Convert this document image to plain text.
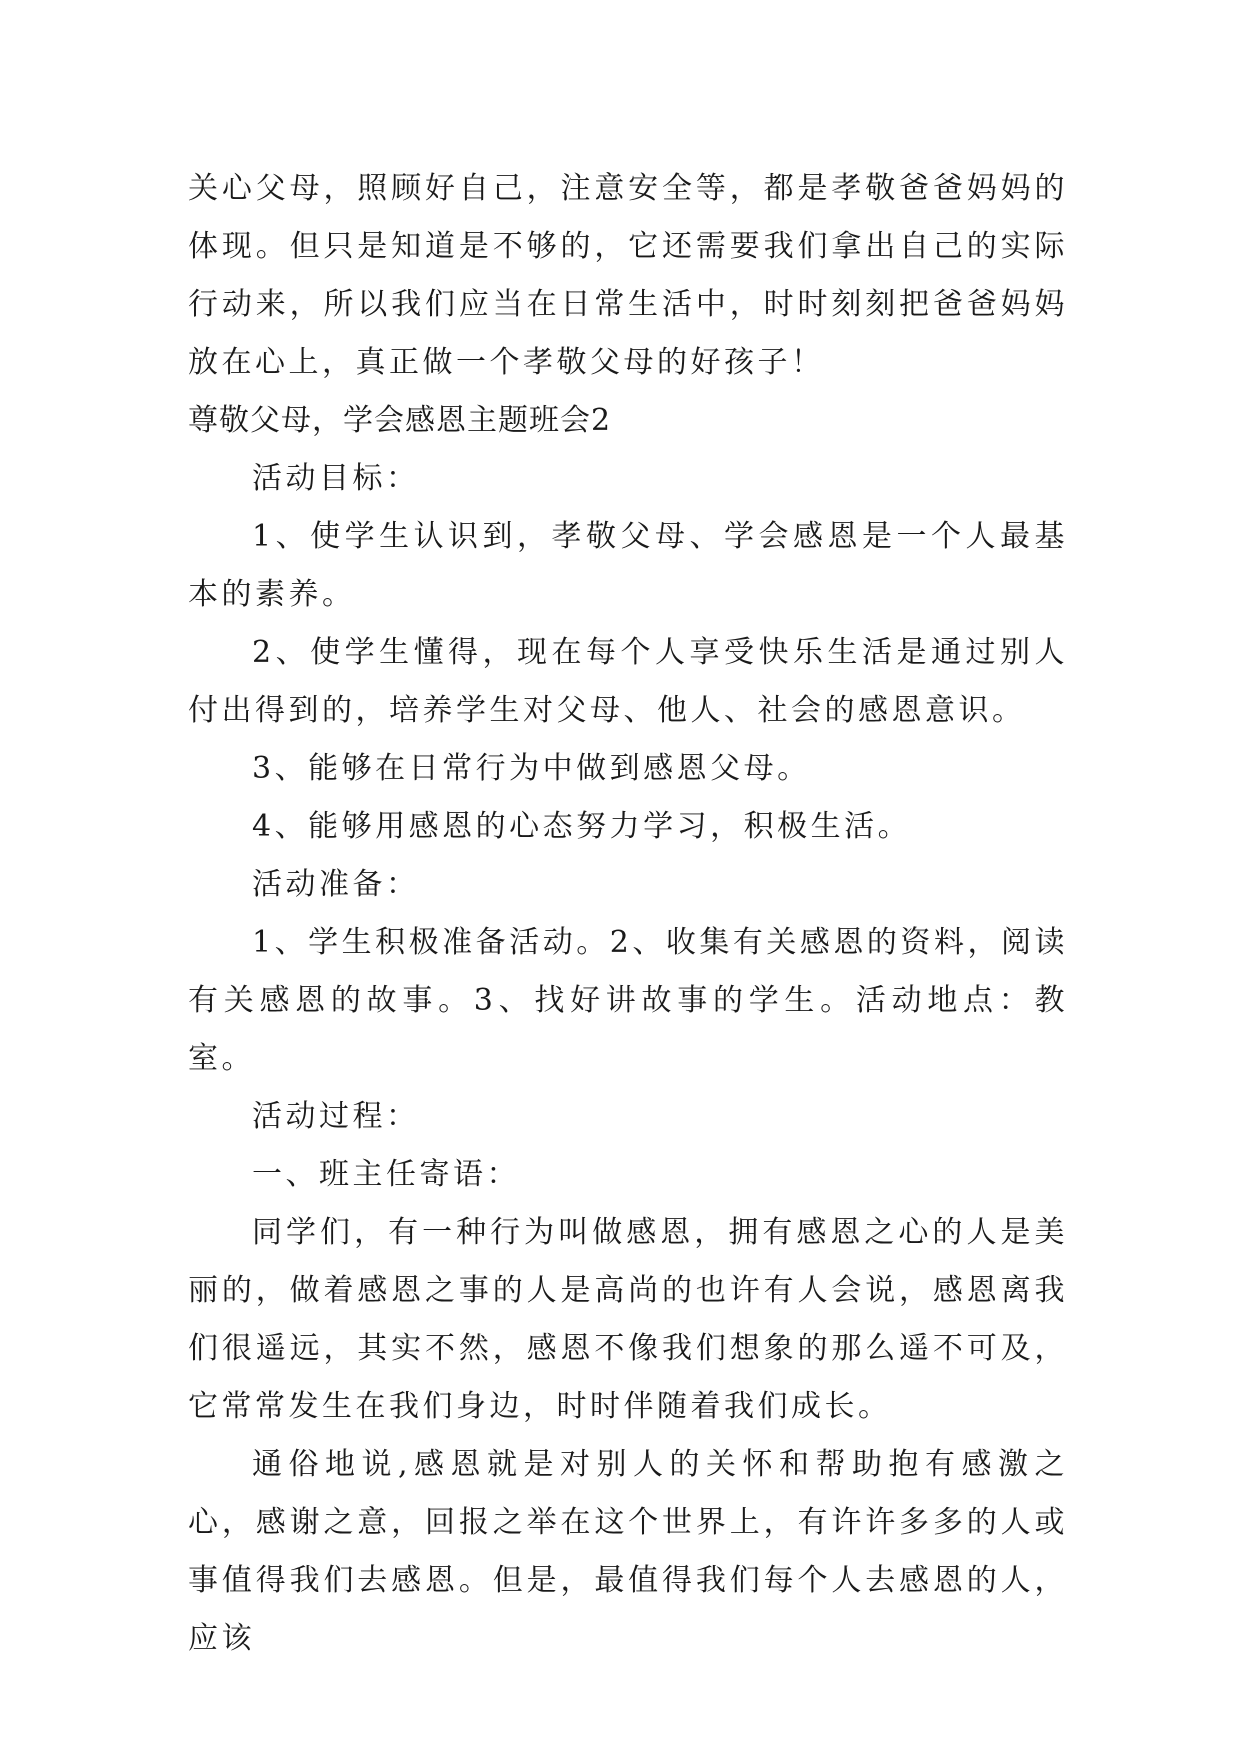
关心父母，照顾好自己，注意安全等，都是孝敬爸爸妈妈的体现。但只是知道是不够的，它还需要我们拿出自己的实际行动来，所以我们应当在日常生活中，时时刻刻把爸爸妈妈放在心上，真正做一个孝敬父母的好孩子！

尊敬父母，学会感恩主题班会2

活动目标：

1、使学生认识到，孝敬父母、学会感恩是一个人最基本的素养。

2、使学生懂得，现在每个人享受快乐生活是通过别人付出得到的，培养学生对父母、他人、社会的感恩意识。

3、能够在日常行为中做到感恩父母。

4、能够用感恩的心态努力学习，积极生活。

活动准备：

1、学生积极准备活动。2、收集有关感恩的资料，阅读有关感恩的故事。3、找好讲故事的学生。活动地点：教室。

活动过程：

一、班主任寄语：

同学们，有一种行为叫做感恩，拥有感恩之心的人是美丽的，做着感恩之事的人是高尚的也许有人会说，感恩离我们很遥远，其实不然，感恩不像我们想象的那么遥不可及，它常常发生在我们身边，时时伴随着我们成长。

通俗地说,感恩就是对别人的关怀和帮助抱有感激之心，感谢之意，回报之举在这个世界上，有许许多多的人或事值得我们去感恩。但是，最值得我们每个人去感恩的人，应该
